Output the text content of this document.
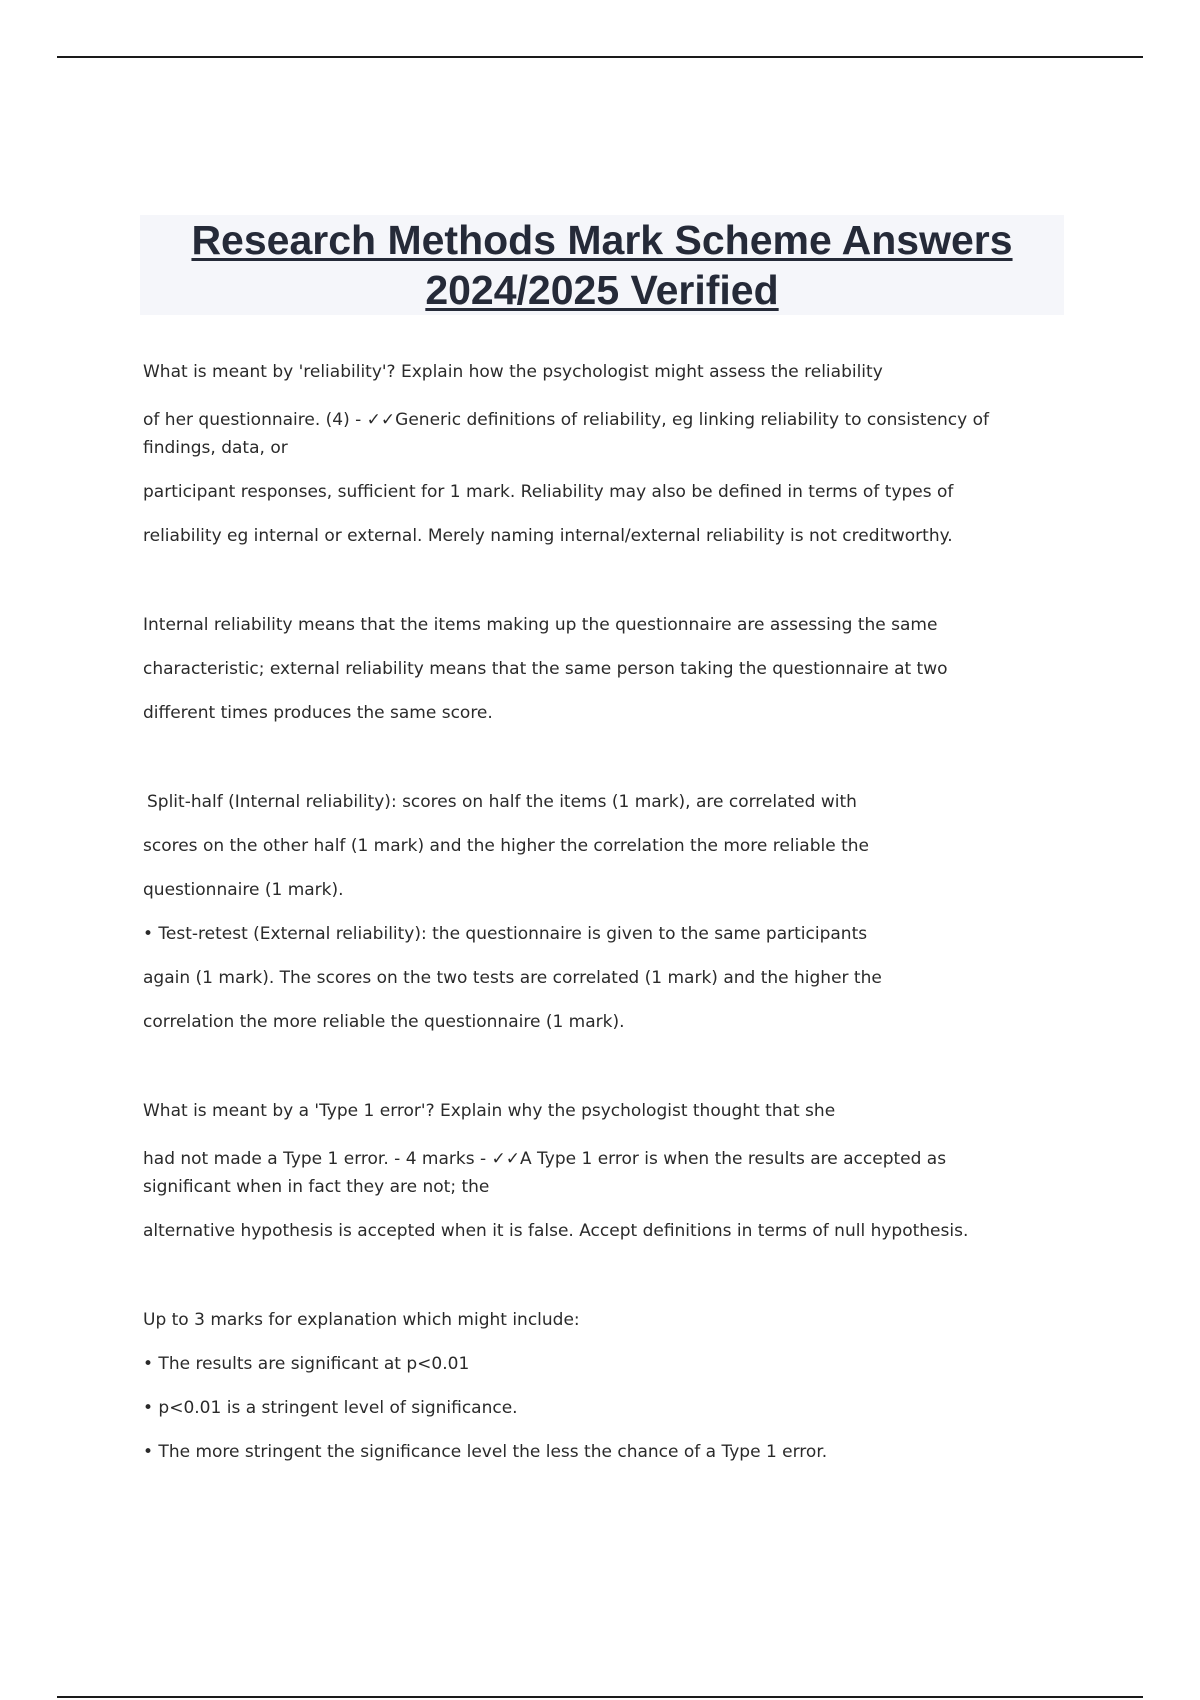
Research Methods Mark Scheme Answers
2024/2025 Verified
What is meant by 'reliability'? Explain how the psychologist might assess the reliability
of her questionnaire. (4) - ✓✓Generic definitions of reliability, eg linking reliability to consistency of
findings, data, or
participant responses, sufficient for 1 mark. Reliability may also be defined in terms of types of
reliability eg internal or external. Merely naming internal/external reliability is not creditworthy.
Internal reliability means that the items making up the questionnaire are assessing the same
characteristic; external reliability means that the same person taking the questionnaire at two
different times produces the same score.
Split-half (Internal reliability): scores on half the items (1 mark), are correlated with
scores on the other half (1 mark) and the higher the correlation the more reliable the
questionnaire (1 mark).
• Test-retest (External reliability): the questionnaire is given to the same participants
again (1 mark). The scores on the two tests are correlated (1 mark) and the higher the
correlation the more reliable the questionnaire (1 mark).
What is meant by a 'Type 1 error'? Explain why the psychologist thought that she
had not made a Type 1 error. - 4 marks - ✓✓A Type 1 error is when the results are accepted as
significant when in fact they are not; the
alternative hypothesis is accepted when it is false. Accept definitions in terms of null hypothesis.
Up to 3 marks for explanation which might include:
• The results are significant at p<0.01
• p<0.01 is a stringent level of significance.
• The more stringent the significance level the less the chance of a Type 1 error.
